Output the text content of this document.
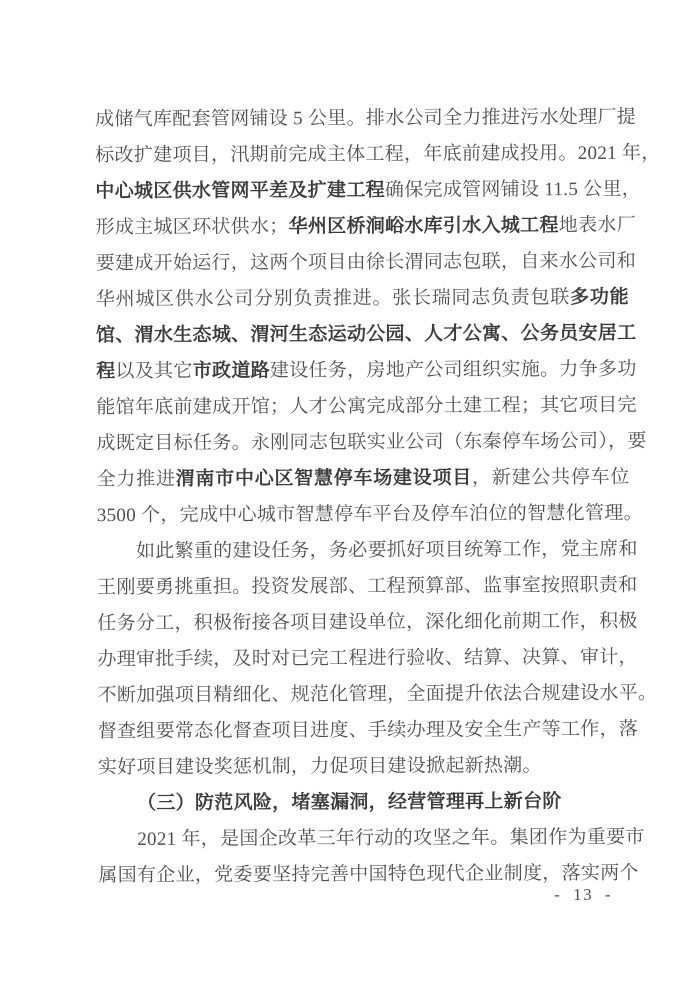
成储气库配套管网铺设 5 公里。排水公司全力推进污水处理厂提
标改扩建项目，汛期前完成主体工程，年底前建成投用。2021 年，
中心城区供水管网平差及扩建工程确保完成管网铺设 11.5 公里，
形成主城区环状供水；华州区桥涧峪水库引水入城工程地表水厂
要建成开始运行，这两个项目由徐长渭同志包联，自来水公司和
华州城区供水公司分别负责推进。张长瑞同志负责包联多功能
馆、渭水生态城、渭河生态运动公园、人才公寓、公务员安居工
程以及其它市政道路建设任务，房地产公司组织实施。力争多功
能馆年底前建成开馆；人才公寓完成部分土建工程；其它项目完
成既定目标任务。永刚同志包联实业公司（东秦停车场公司），要
全力推进渭南市中心区智慧停车场建设项目，新建公共停车位
3500 个，完成中心城市智慧停车平台及停车泊位的智慧化管理。
如此繁重的建设任务，务必要抓好项目统筹工作，党主席和
王刚要勇挑重担。投资发展部、工程预算部、监事室按照职责和
任务分工，积极衔接各项目建设单位，深化细化前期工作，积极
办理审批手续，及时对已完工程进行验收、结算、决算、审计，
不断加强项目精细化、规范化管理，全面提升依法合规建设水平。
督查组要常态化督查项目进度、手续办理及安全生产等工作，落
实好项目建设奖惩机制，力促项目建设掀起新热潮。
（三）防范风险，堵塞漏洞，经营管理再上新台阶
2021 年，是国企改革三年行动的攻坚之年。集团作为重要市
属国有企业，党委要坚持完善中国特色现代企业制度，落实两个
- 13 -
